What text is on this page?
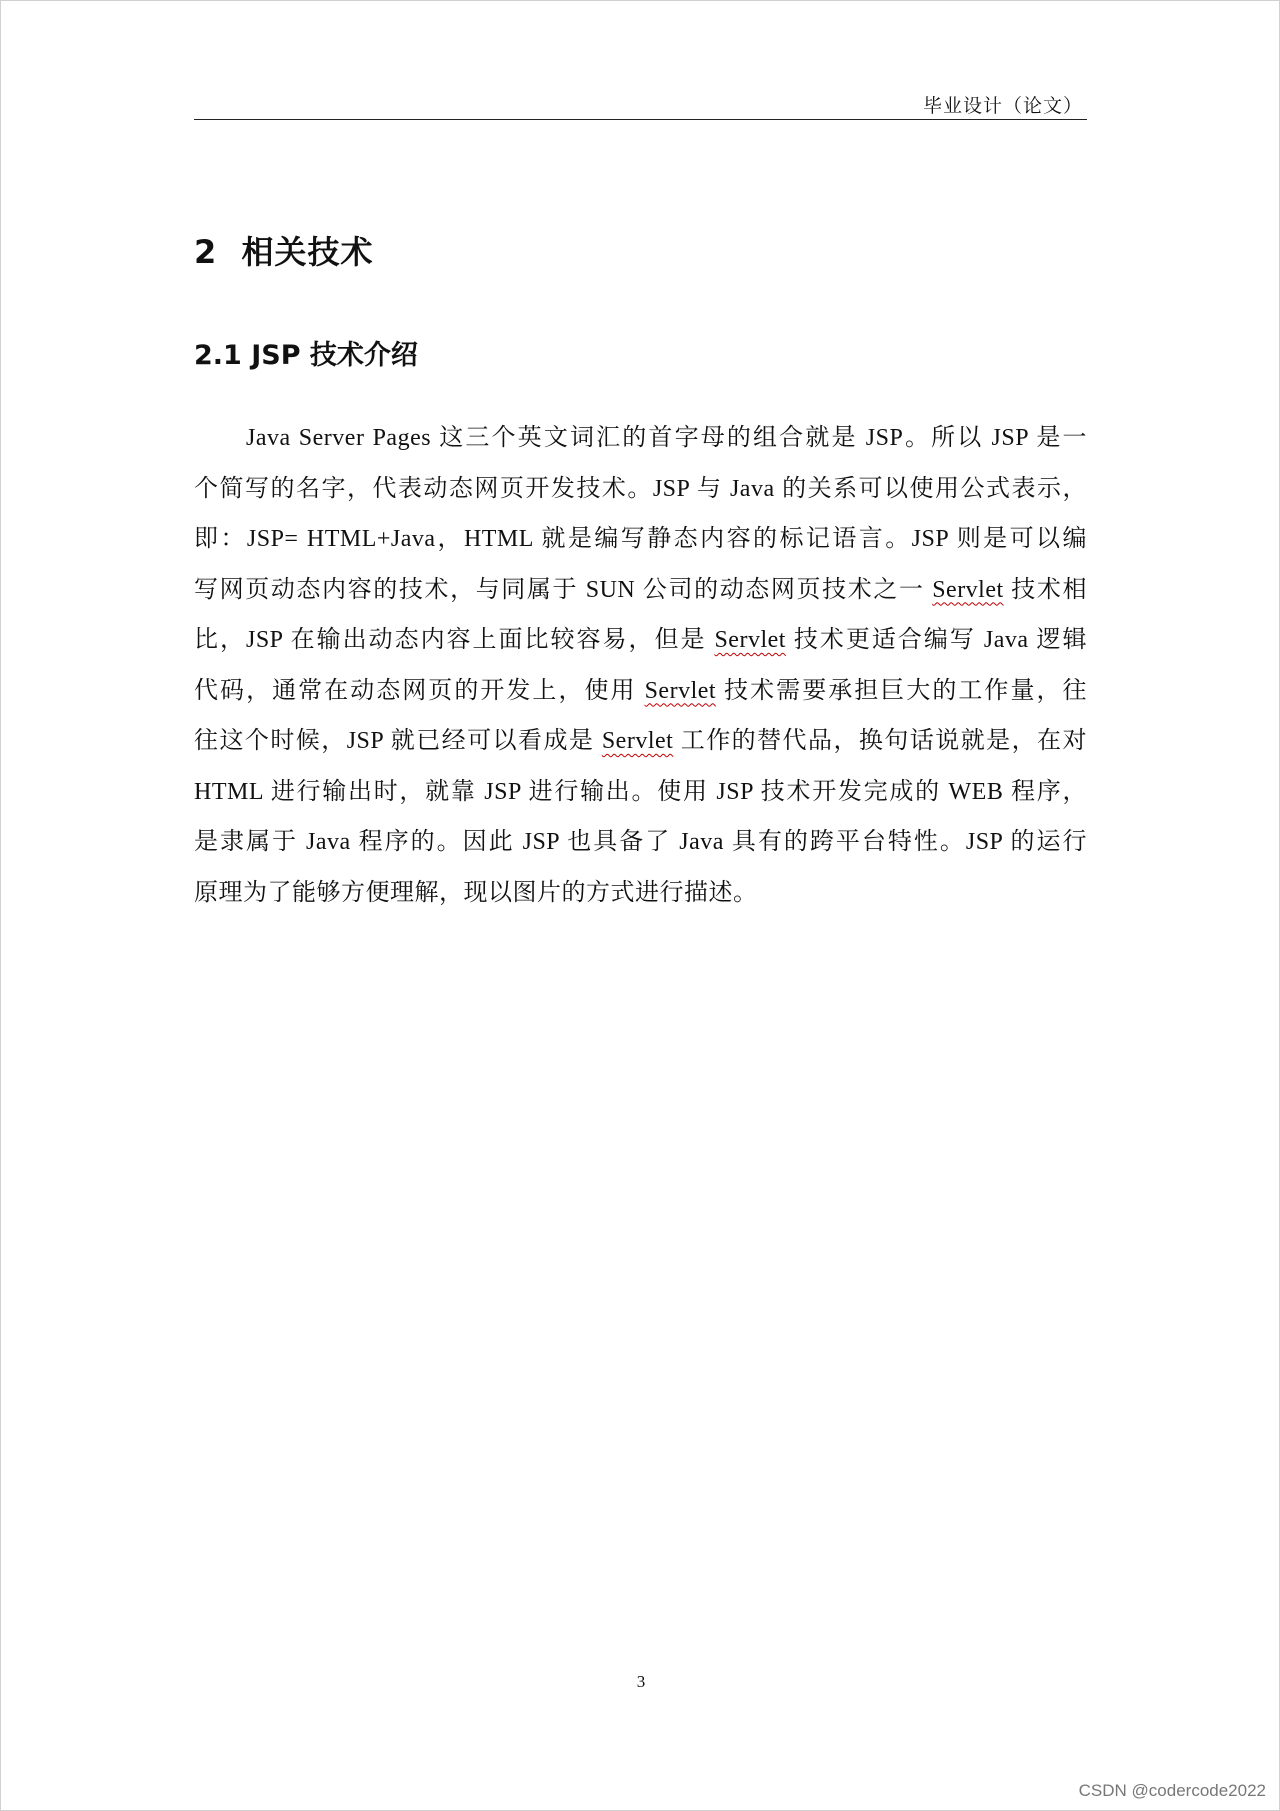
毕业设计（论文）
2  相关技术
2.1 JSP 技术介绍
Java Server Pages 这三个英文词汇的首字母的组合就是 JSP。所以 JSP 是一
个简写的名字，代表动态网页开发技术。JSP 与 Java 的关系可以使用公式表示，
即：JSP= HTML+Java，HTML 就是编写静态内容的标记语言。JSP 则是可以编
写网页动态内容的技术，与同属于 SUN 公司的动态网页技术之一 Servlet 技术相
比，JSP 在输出动态内容上面比较容易，但是 Servlet 技术更适合编写 Java 逻辑
代码，通常在动态网页的开发上，使用 Servlet 技术需要承担巨大的工作量，往
往这个时候，JSP 就已经可以看成是 Servlet 工作的替代品，换句话说就是，在对
HTML 进行输出时，就靠 JSP 进行输出。使用 JSP 技术开发完成的 WEB 程序，
是隶属于 Java 程序的。因此 JSP 也具备了 Java 具有的跨平台特性。JSP 的运行
原理为了能够方便理解，现以图片的方式进行描述。
3
CSDN @codercode2022
